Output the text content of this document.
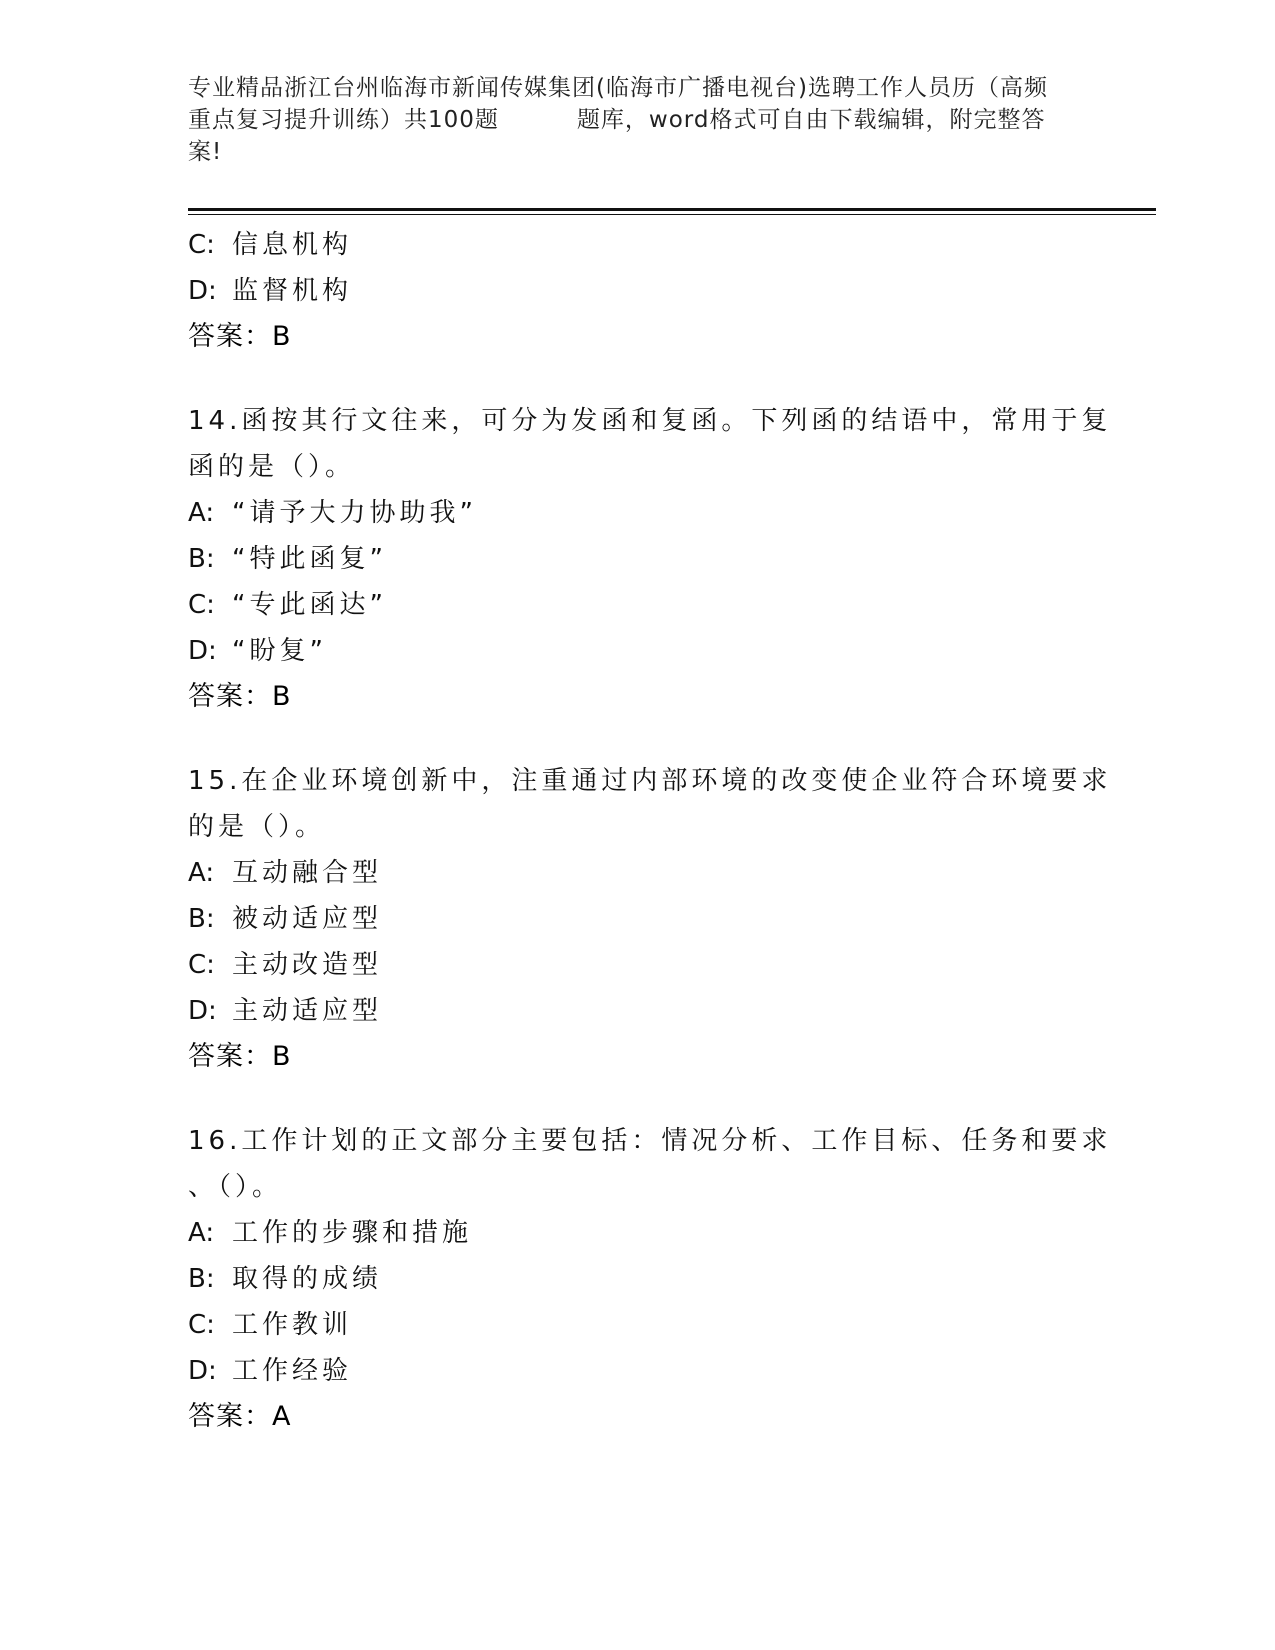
专业精品浙江台州临海市新闻传媒集团(临海市广播电视台)选聘工作人员历（高频
重点复习提升训练）共100题	题库，word格式可自由下载编辑，附完整答
案!
C: 信息机构
D: 监督机构
答案：B
14.函按其行文往来，可分为发函和复函。下列函的结语中，常用于复
函的是（）。
A: “请予大力协助我”
B: “特此函复”
C: “专此函达”
D: “盼复”
答案：B
15.在企业环境创新中，注重通过内部环境的改变使企业符合环境要求
的是（）。
A: 互动融合型
B: 被动适应型
C: 主动改造型
D: 主动适应型
答案：B
16.工作计划的正文部分主要包括：情况分析、工作目标、任务和要求
、（）。
A: 工作的步骤和措施
B: 取得的成绩
C: 工作教训
D: 工作经验
答案：A
